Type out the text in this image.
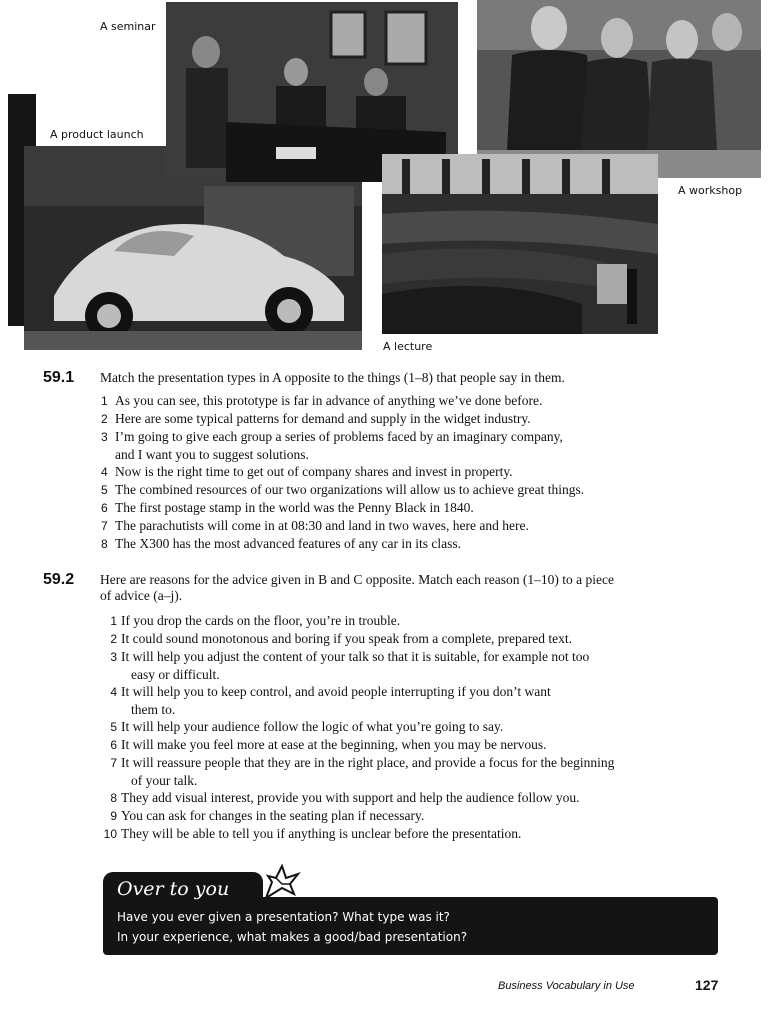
A seminar
A product launch
A workshop
A lecture
59.1 Match the presentation types in A opposite to the things (1–8) that people say in them.
1 As you can see, this prototype is far in advance of anything we’ve done before.
2 Here are some typical patterns for demand and supply in the widget industry.
3 I’m going to give each group a series of problems faced by an imaginary company,
and I want you to suggest solutions.
4 Now is the right time to get out of company shares and invest in property.
5 The combined resources of our two organizations will allow us to achieve great things.
6 The first postage stamp in the world was the Penny Black in 1840.
7 The parachutists will come in at 08:30 and land in two waves, here and here.
8 The X300 has the most advanced features of any car in its class.
59.2 Here are reasons for the advice given in B and C opposite. Match each reason (1–10) to a piece
of advice (a–j).
1 If you drop the cards on the floor, you’re in trouble.
2 It could sound monotonous and boring if you speak from a complete, prepared text.
3 It will help you adjust the content of your talk so that it is suitable, for example not too
easy or difficult.
4 It will help you to keep control, and avoid people interrupting if you don’t want
them to.
5 It will help your audience follow the logic of what you’re going to say.
6 It will make you feel more at ease at the beginning, when you may be nervous.
7 It will reassure people that they are in the right place, and provide a focus for the beginning
of your talk.
8 They add visual interest, provide you with support and help the audience follow you.
9 You can ask for changes in the seating plan if necessary.
10 They will be able to tell you if anything is unclear before the presentation.
Over to you
Have you ever given a presentation? What type was it?
In your experience, what makes a good/bad presentation?
Business Vocabulary in Use	127
